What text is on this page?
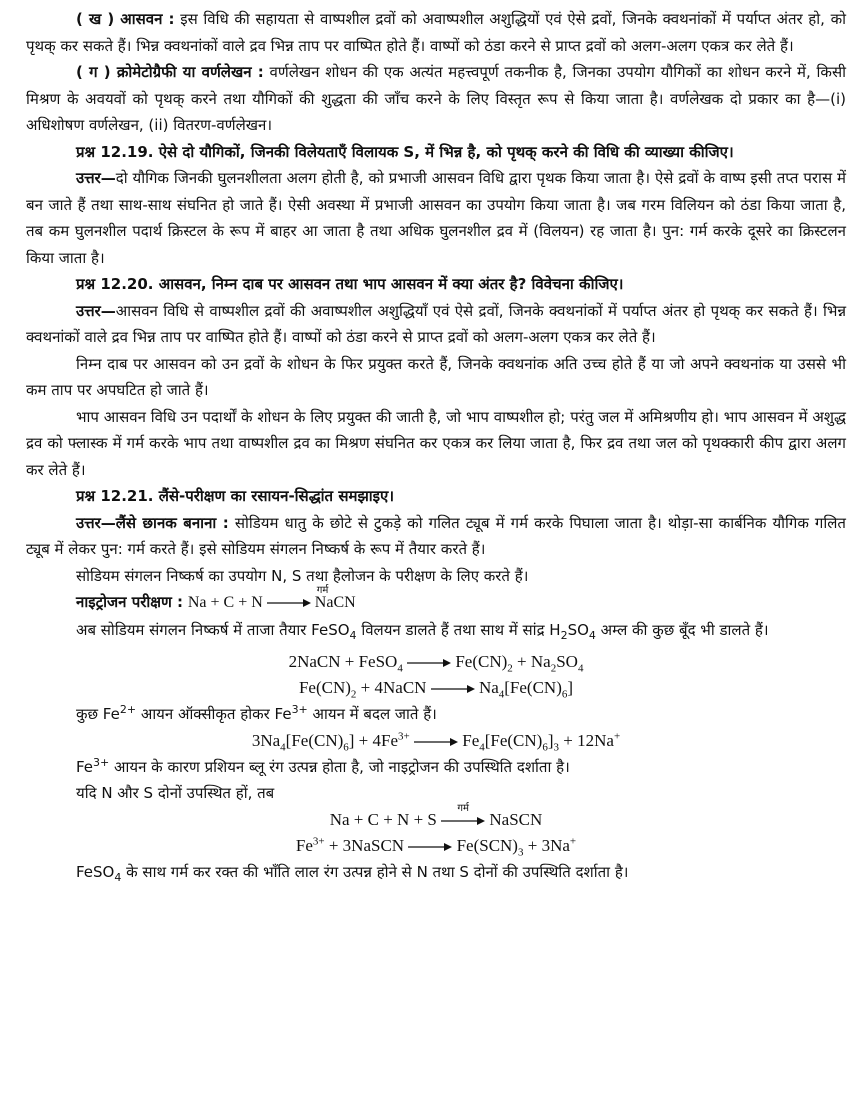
( ख ) आसवन : इस विधि की सहायता से वाष्पशील द्रवों को अवाष्पशील अशुद्धियों एवं ऐसे द्रवों, जिनके क्वथनांकों में पर्याप्त अंतर हो, को पृथक् कर सकते हैं। भिन्न क्वथनांकों वाले द्रव भिन्न ताप पर वाष्पित होते हैं। वाष्पों को ठंडा करने से प्राप्त द्रवों को अलग-अलग एकत्र कर लेते हैं।

( ग ) क्रोमेटोग्रैफी या वर्णलेखन : वर्णलेखन शोधन की एक अत्यंत महत्त्वपूर्ण तकनीक है, जिनका उपयोग यौगिकों का शोधन करने में, किसी मिश्रण के अवयवों को पृथक् करने तथा यौगिकों की शुद्धता की जाँच करने के लिए विस्तृत रूप से किया जाता है। वर्णलेखक दो प्रकार का है—(i) अधिशोषण वर्णलेखन, (ii) वितरण-वर्णलेखन।

प्रश्न 12.19. ऐसे दो यौगिकों, जिनकी विलेयताएँ विलायक S, में भिन्न है, को पृथक् करने की विधि की व्याख्या कीजिए।

उत्तर—दो यौगिक जिनकी घुलनशीलता अलग होती है, को प्रभाजी आसवन विधि द्वारा पृथक किया जाता है। ऐसे द्रवों के वाष्प इसी तप्त परास में बन जाते हैं तथा साथ-साथ संघनित हो जाते हैं। ऐसी अवस्था में प्रभाजी आसवन का उपयोग किया जाता है। जब गरम विलियन को ठंडा किया जाता है, तब कम घुलनशील पदार्थ क्रिस्टल के रूप में बाहर आ जाता है तथा अधिक घुलनशील द्रव में (विलयन) रह जाता है। पुन: गर्म करके दूसरे का क्रिस्टलन किया जाता है।

प्रश्न 12.20. आसवन, निम्न दाब पर आसवन तथा भाप आसवन में क्या अंतर है? विवेचना कीजिए।

उत्तर—आसवन विधि से वाष्पशील द्रवों की अवाष्पशील अशुद्धियाँ एवं ऐसे द्रवों, जिनके क्वथनांकों में पर्याप्त अंतर हो पृथक् कर सकते हैं। भिन्न क्वथनांकों वाले द्रव भिन्न ताप पर वाष्पित होते हैं। वाष्पों को ठंडा करने से प्राप्त द्रवों को अलग-अलग एकत्र कर लेते हैं।

निम्न दाब पर आसवन को उन द्रवों के शोधन के फिर प्रयुक्त करते हैं, जिनके क्वथनांक अति उच्च होते हैं या जो अपने क्वथनांक या उससे भी कम ताप पर अपघटित हो जाते हैं।

भाप आसवन विधि उन पदार्थों के शोधन के लिए प्रयुक्त की जाती है, जो भाप वाष्पशील हो; परंतु जल में अमिश्रणीय हो। भाप आसवन में अशुद्ध द्रव को फ्लास्क में गर्म करके भाप तथा वाष्पशील द्रव का मिश्रण संघनित कर एकत्र कर लिया जाता है, फिर द्रव तथा जल को पृथक्कारी कीप द्वारा अलग कर लेते हैं।

प्रश्न 12.21. लैंसे-परीक्षण का रसायन-सिद्धांत समझाइए।

उत्तर—लैंसे छानक बनाना : सोडियम धातु के छोटे से टुकड़े को गलित ट्यूब में गर्म करके पिघाला जाता है। थोड़ा-सा कार्बनिक यौगिक गलित ट्यूब में लेकर पुन: गर्म करते हैं। इसे सोडियम संगलन निष्कर्ष के रूप में तैयार करते हैं।

सोडियम संगलन निष्कर्ष का उपयोग N, S तथा हैलोजन के परीक्षण के लिए करते हैं।

नाइट्रोजन परीक्षण : Na + C + N
गर्म
NaCN

अब सोडियम संगलन निष्कर्ष में ताजा तैयार FeSO$_4$ विलयन डालते हैं तथा साथ में सांद्र $H_2SO_4$ अम्ल की कुछ बूँद भी डालते हैं।

2NaCN + FeSO$_4$ → $Fe(CN)_2 + Na_2SO_4$
$Fe(CN)_2$ + 4NaCN → $Na_4[Fe(CN)_6]$

कुछ $Fe^{2+}$ आयन ऑक्सीकृत होकर $Fe^{3+}$ आयन में बदल जाते हैं।

$3Na_4[Fe(CN)_6] + 4Fe^{3+} \to Fe_4[Fe(CN)_6]_3 + 12Na^+$

$Fe^{3+}$ आयन के कारण प्रशियन ब्लू रंग उत्पन्न होता है, जो नाइट्रोजन की उपस्थिति दर्शाता है।

यदि N और S दोनों उपस्थित हों, तब

Na + C + N + S
गर्म
NaSCN
$Fe^{3+}$ + 3NaSCN → $Fe(SCN)_3 + 3Na^+$

FeSO$_4$ के साथ गर्म कर रक्त की भाँति लाल रंग उत्पन्न होने से N तथा S दोनों की उपस्थिति दर्शाता है।
